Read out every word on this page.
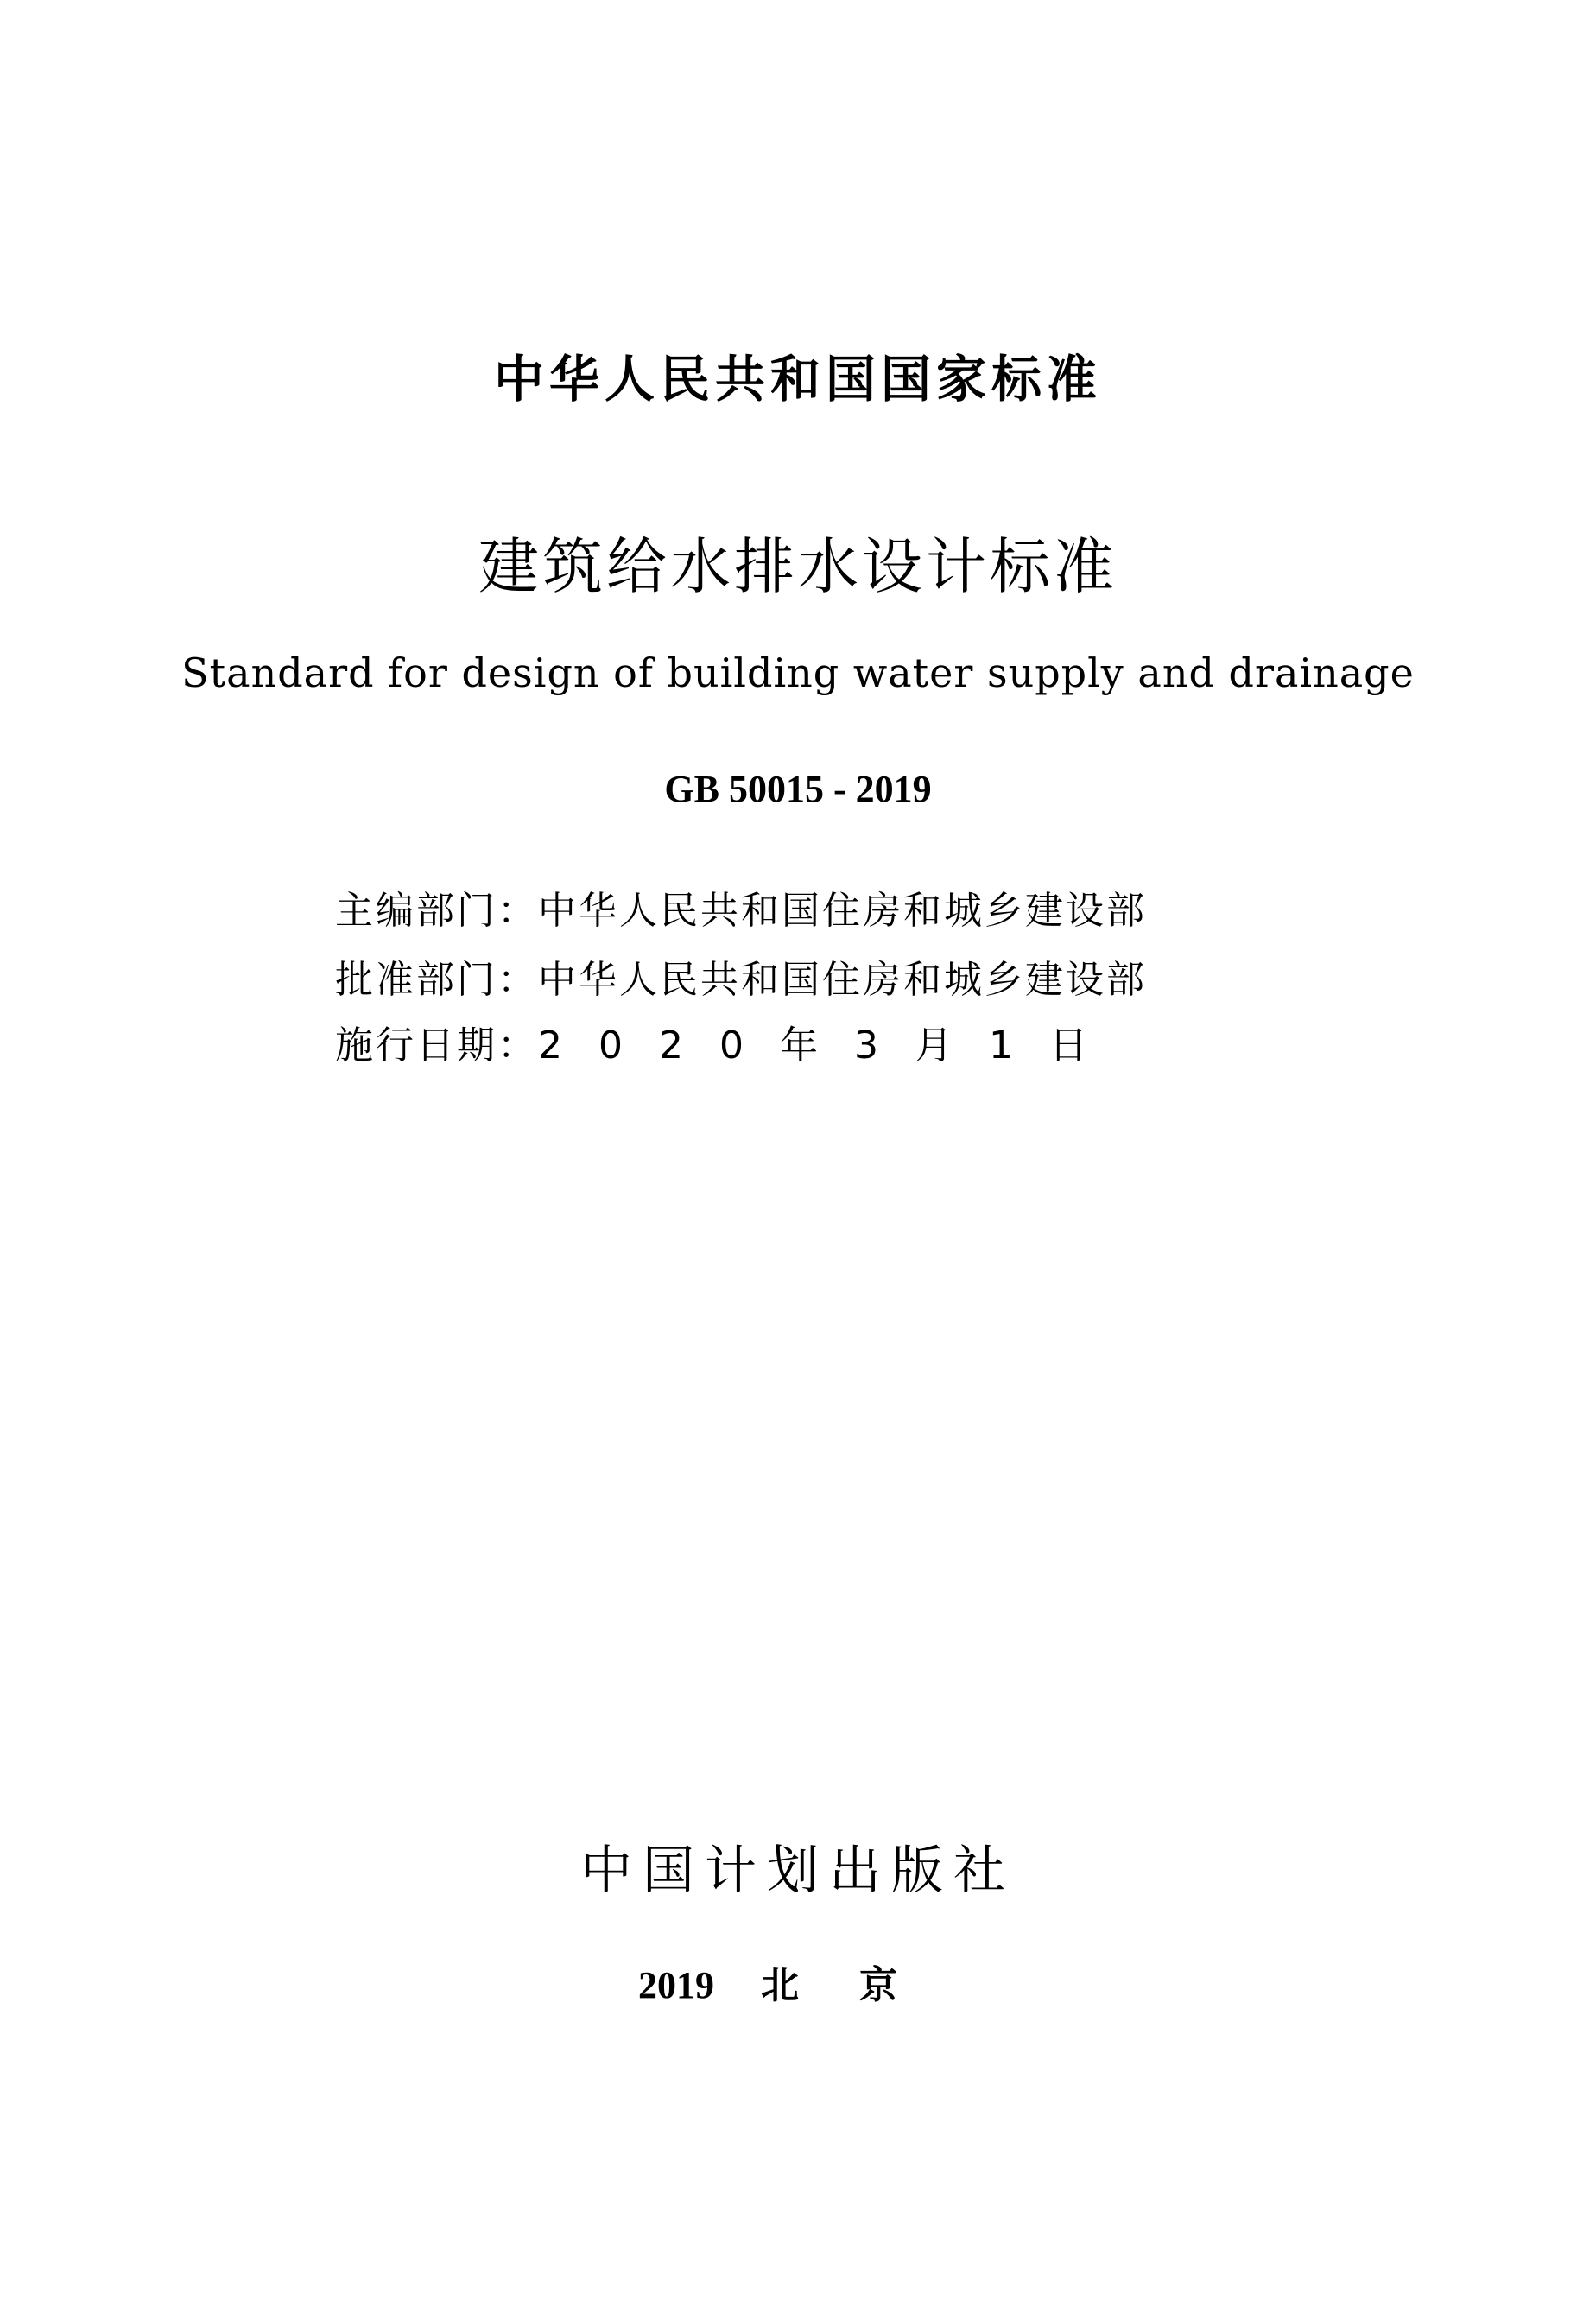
中华人民共和国国家标准
建筑给水排水设计标准
Standard for design of building water supply and drainage
GB 50015 - 2019
主编部门：中华人民共和国住房和城乡建设部
批准部门：中华人民共和国住房和城乡建设部
施行日期：2020年3月1日
中国计划出版社
2019 北京
